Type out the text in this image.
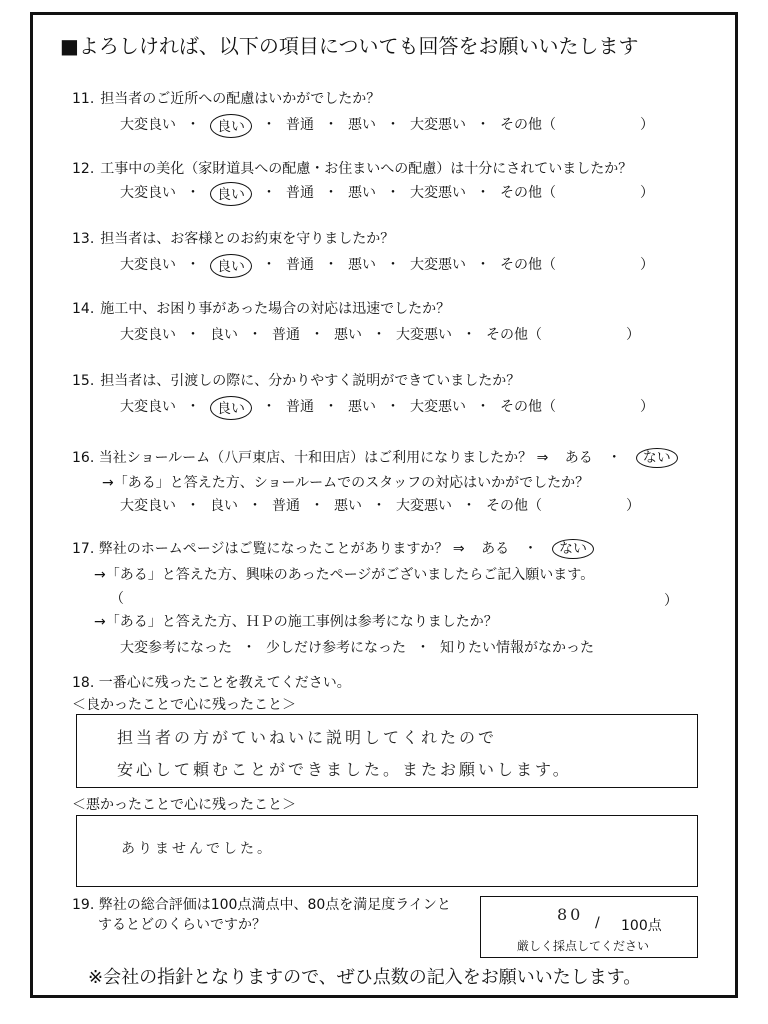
■よろしければ、以下の項目についても回答をお願いいたします
11. 担当者のご近所への配慮はいかがでしたか？
大変良い ・	良い	・ 普通 ・ 悪い ・ 大変悪い ・ その他（	）
12. 工事中の美化（家財道具への配慮・お住まいへの配慮）は十分にされていましたか？
大変良い ・	良い	・ 普通 ・ 悪い ・ 大変悪い ・ その他（	）
13. 担当者は、お客様とのお約束を守りましたか？
大変良い ・	良い	・ 普通 ・ 悪い ・ 大変悪い ・ その他（	）
14. 施工中、お困り事があった場合の対応は迅速でしたか？
大変良い ・ 良い ・ 普通 ・ 悪い ・ 大変悪い ・ その他（	）
15. 担当者は、引渡しの際に、分かりやすく説明ができていましたか？
大変良い ・	良い	・ 普通 ・ 悪い ・ 大変悪い ・ その他（	）
16. 当社ショールーム（八戸東店、十和田店）はご利用になりましたか？ ⇒ ある ・ ない
→「ある」と答えた方、ショールームでのスタッフの対応はいかがでしたか？
大変良い ・ 良い ・ 普通 ・ 悪い ・ 大変悪い ・ その他（	）
17. 弊社のホームページはご覧になったことがありますか？ ⇒ ある ・ ない
→「ある」と答えた方、興味のあったページがございましたらご記入願います。
（	）
→「ある」と答えた方、ＨＰの施工事例は参考になりましたか？
大変参考になった ・ 少しだけ参考になった ・ 知りたい情報がなかった
18. 一番心に残ったことを教えてください。
＜良かったことで心に残ったこと＞
担当者の方がていねいに説明してくれたので
安心して頼むことができました。またお願いします。
＜悪かったことで心に残ったこと＞
ありませんでした。
19. 弊社の総合評価は100点満点中、80点を満足度ラインと
するとどのくらいですか？
80 / 100点
厳しく採点してください
※会社の指針となりますので、ぜひ点数の記入をお願いいたします。
